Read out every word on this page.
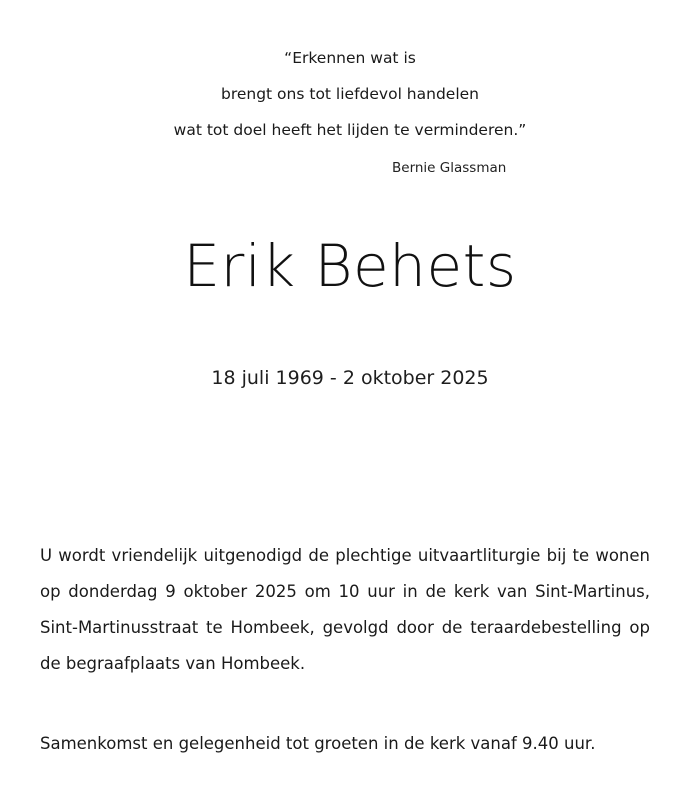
“Erkennen wat is
brengt ons tot liefdevol handelen
wat tot doel heeft het lijden te verminderen.”
Bernie Glassman
Erik Behets
18 juli 1969 - 2 oktober 2025
U wordt vriendelijk uitgenodigd de plechtige uitvaartliturgie bij te wonen op donderdag 9 oktober 2025 om 10 uur in de kerk van Sint-Martinus, Sint-Martinusstraat te Hombeek, gevolgd door de teraardebestelling op de begraafplaats van Hombeek.
Samenkomst en gelegenheid tot groeten in de kerk vanaf 9.40 uur.
